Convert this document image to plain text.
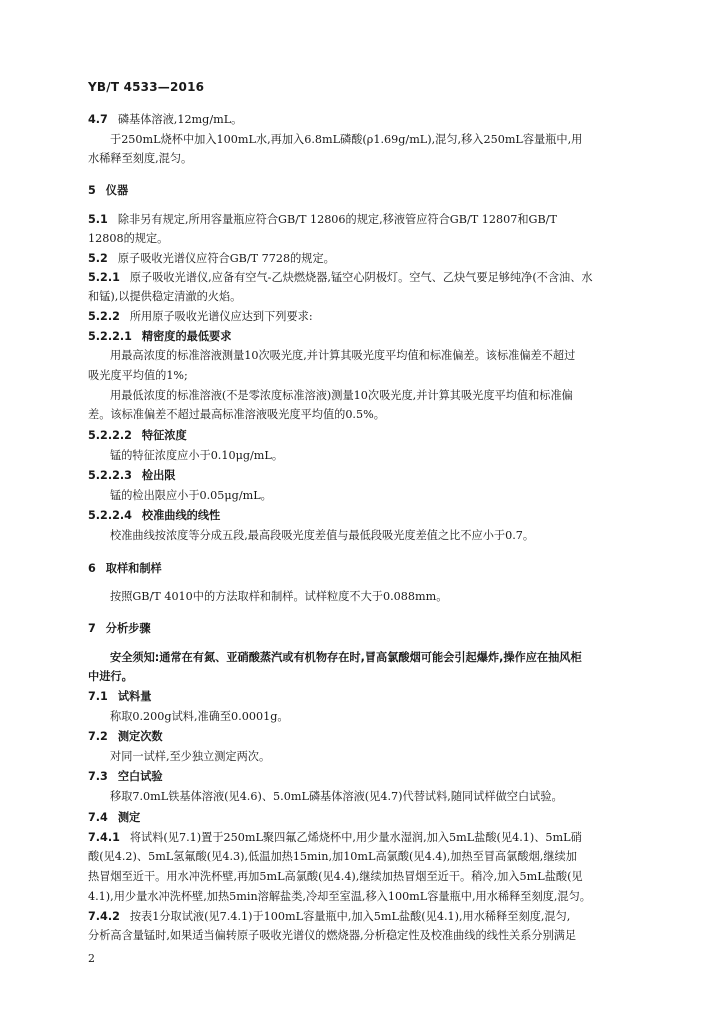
YB/T 4533—2016
4.7 磷基体溶液,12mg/mL。
于250mL烧杯中加入100mL水,再加入6.8mL磷酸(ρ1.69g/mL),混匀,移入250mL容量瓶中,用
水稀释至刻度,混匀。
5 仪器
5.1 除非另有规定,所用容量瓶应符合GB/T 12806的规定,移液管应符合GB/T 12807和GB/T
12808的规定。
5.2 原子吸收光谱仪应符合GB/T 7728的规定。
5.2.1 原子吸收光谱仪,应备有空气-乙炔燃烧器,锰空心阴极灯。空气、乙炔气要足够纯净(不含油、水
和锰),以提供稳定清澈的火焰。
5.2.2 所用原子吸收光谱仪应达到下列要求:
5.2.2.1 精密度的最低要求
用最高浓度的标准溶液测量10次吸光度,并计算其吸光度平均值和标准偏差。该标准偏差不超过
吸光度平均值的1%;
用最低浓度的标准溶液(不是零浓度标准溶液)测量10次吸光度,并计算其吸光度平均值和标准偏
差。该标准偏差不超过最高标准溶液吸光度平均值的0.5%。
5.2.2.2 特征浓度
锰的特征浓度应小于0.10μg/mL。
5.2.2.3 检出限
锰的检出限应小于0.05μg/mL。
5.2.2.4 校准曲线的线性
校准曲线按浓度等分成五段,最高段吸光度差值与最低段吸光度差值之比不应小于0.7。
6 取样和制样
按照GB/T 4010中的方法取样和制样。试样粒度不大于0.088mm。
7 分析步骤
安全须知:通常在有氮、亚硝酸蒸汽或有机物存在时,冒高氯酸烟可能会引起爆炸,操作应在抽风柜
中进行。
7.1 试料量
称取0.200g试料,准确至0.0001g。
7.2 测定次数
对同一试样,至少独立测定两次。
7.3 空白试验
移取7.0mL铁基体溶液(见4.6)、5.0mL磷基体溶液(见4.7)代替试料,随同试样做空白试验。
7.4 测定
7.4.1 将试料(见7.1)置于250mL聚四氟乙烯烧杯中,用少量水湿润,加入5mL盐酸(见4.1)、5mL硝
酸(见4.2)、5mL氢氟酸(见4.3),低温加热15min,加10mL高氯酸(见4.4),加热至冒高氯酸烟,继续加
热冒烟至近干。用水冲洗杯壁,再加5mL高氯酸(见4.4),继续加热冒烟至近干。稍冷,加入5mL盐酸(见
4.1),用少量水冲洗杯壁,加热5min溶解盐类,冷却至室温,移入100mL容量瓶中,用水稀释至刻度,混匀。
7.4.2 按表1分取试液(见7.4.1)于100mL容量瓶中,加入5mL盐酸(见4.1),用水稀释至刻度,混匀,
分析高含量锰时,如果适当偏转原子吸收光谱仪的燃烧器,分析稳定性及校准曲线的线性关系分别满足
2
